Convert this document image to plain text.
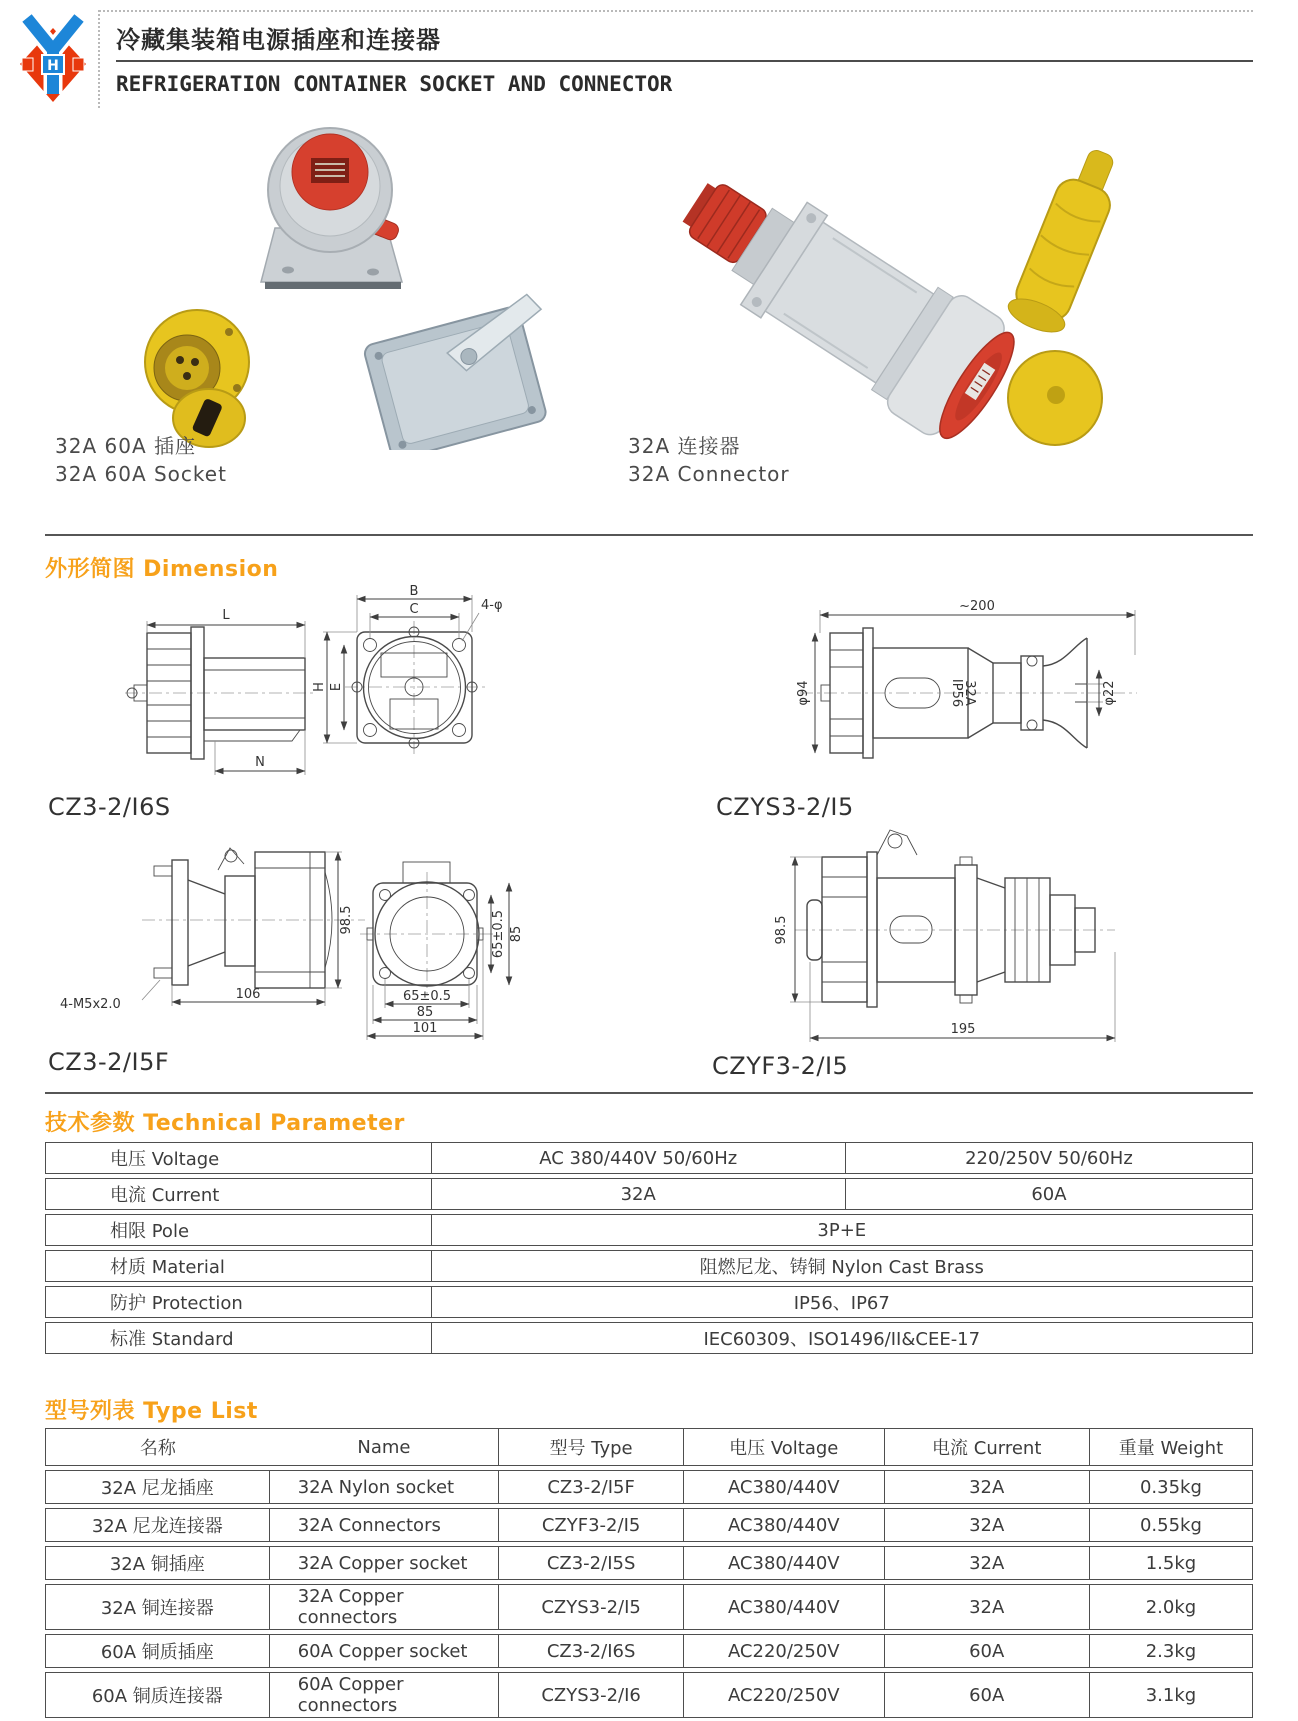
H
冷藏集装箱电源插座和连接器
REFRIGERATION CONTAINER SOCKET AND CONNECTOR
32A 60A 插座
32A 60A Socket
32A 连接器
32A Connector
外形简图 Dimension
L
N
B
C
H E
4-φ	~200
IP56
32A
φ94	φ22
CZ3-2/I6S	CZYS3-2/I5
98.5
106
4-M5x2.0
65±0.5 85
65±0.5
85
101
98.5
195
CZ3-2/I5F	CZYF3-2/I5
技术参数 Technical Parameter
电压 Voltage	AC 380/440V 50/60Hz	220/250V 50/60Hz
电流 Current	32A	60A
相限 Pole	3P+E	
材质 Material	阻燃尼龙、铸铜 Nylon Cast Brass	
防护 Protection	IP56、IP67	
标准 Standard	IEC60309、ISO1496/II&CEE-17	
型号列表 Type List
名称	Name	型号 Type	电压 Voltage	电流 Current	重量 Weight
32A 尼龙插座	32A Nylon socket	CZ3-2/I5F	AC380/440V	32A	0.35kg
32A 尼龙连接器	32A Connectors	CZYF3-2/I5	AC380/440V	32A	0.55kg
32A 铜插座	32A Copper socket	CZ3-2/I5S	AC380/440V	32A	1.5kg
32A 铜连接器	32A Copper connectors	CZYS3-2/I5	AC380/440V	32A	2.0kg
60A 铜质插座	60A Copper socket	CZ3-2/I6S	AC220/250V	60A	2.3kg
60A 铜质连接器	60A Copper connectors	CZYS3-2/I6	AC220/250V	60A	3.1kg
